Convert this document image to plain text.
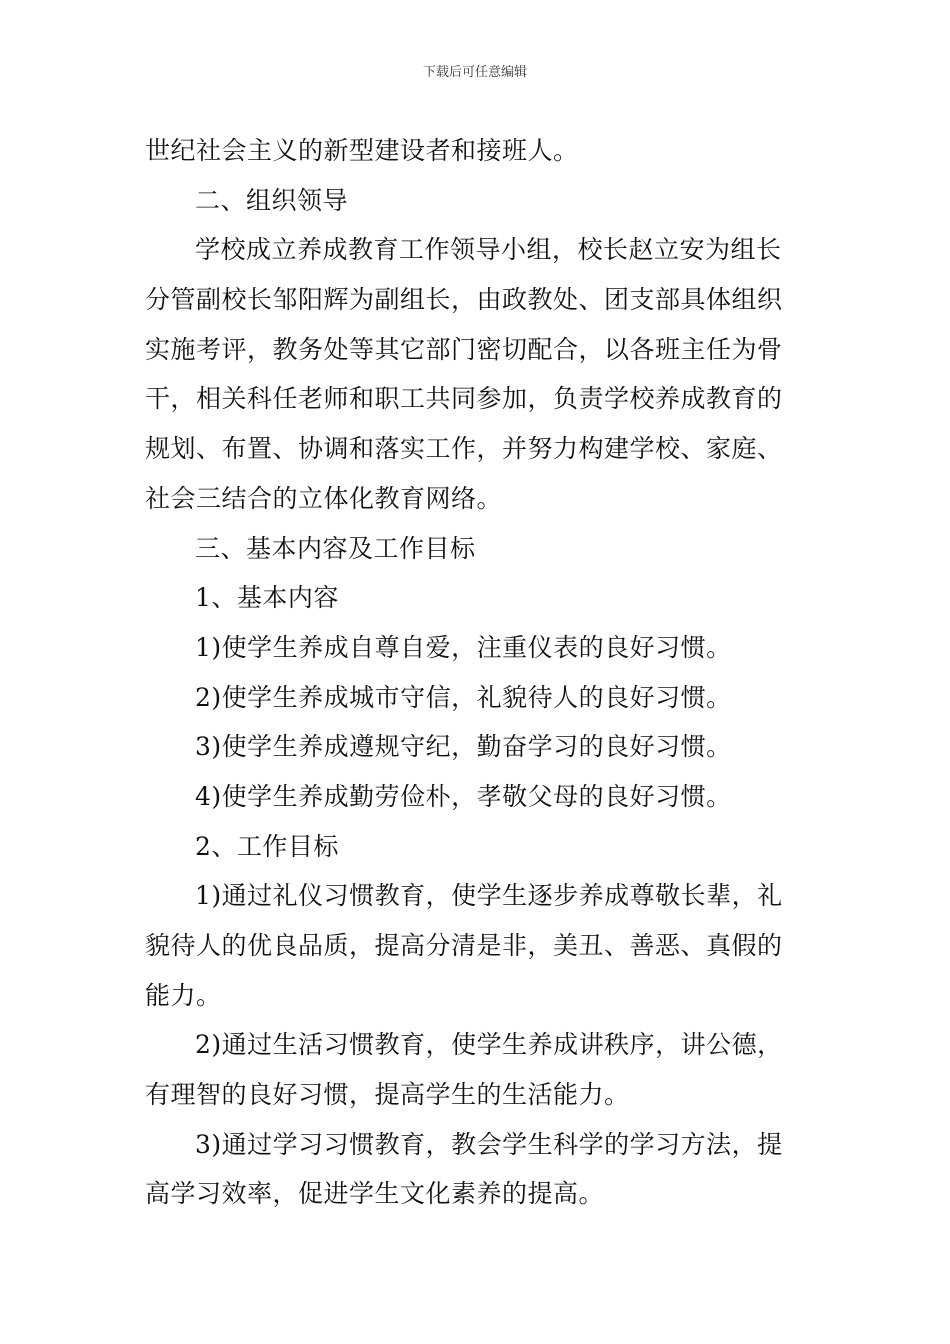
下载后可任意编辑
世纪社会主义的新型建设者和接班人。
二、组织领导
学校成立养成教育工作领导小组，校长赵立安为组长
分管副校长邹阳辉为副组长，由政教处、团支部具体组织
实施考评，教务处等其它部门密切配合，以各班主任为骨
干，相关科任老师和职工共同参加，负责学校养成教育的
规划、布置、协调和落实工作，并努力构建学校、家庭、
社会三结合的立体化教育网络。
三、基本内容及工作目标
1、基本内容
1)使学生养成自尊自爱，注重仪表的良好习惯。
2)使学生养成城市守信，礼貌待人的良好习惯。
3)使学生养成遵规守纪，勤奋学习的良好习惯。
4)使学生养成勤劳俭朴，孝敬父母的良好习惯。
2、工作目标
1)通过礼仪习惯教育，使学生逐步养成尊敬长辈，礼
貌待人的优良品质，提高分清是非，美丑、善恶、真假的
能力。
2)通过生活习惯教育，使学生养成讲秩序，讲公德，
有理智的良好习惯，提高学生的生活能力。
3)通过学习习惯教育，教会学生科学的学习方法，提
高学习效率，促进学生文化素养的提高。
